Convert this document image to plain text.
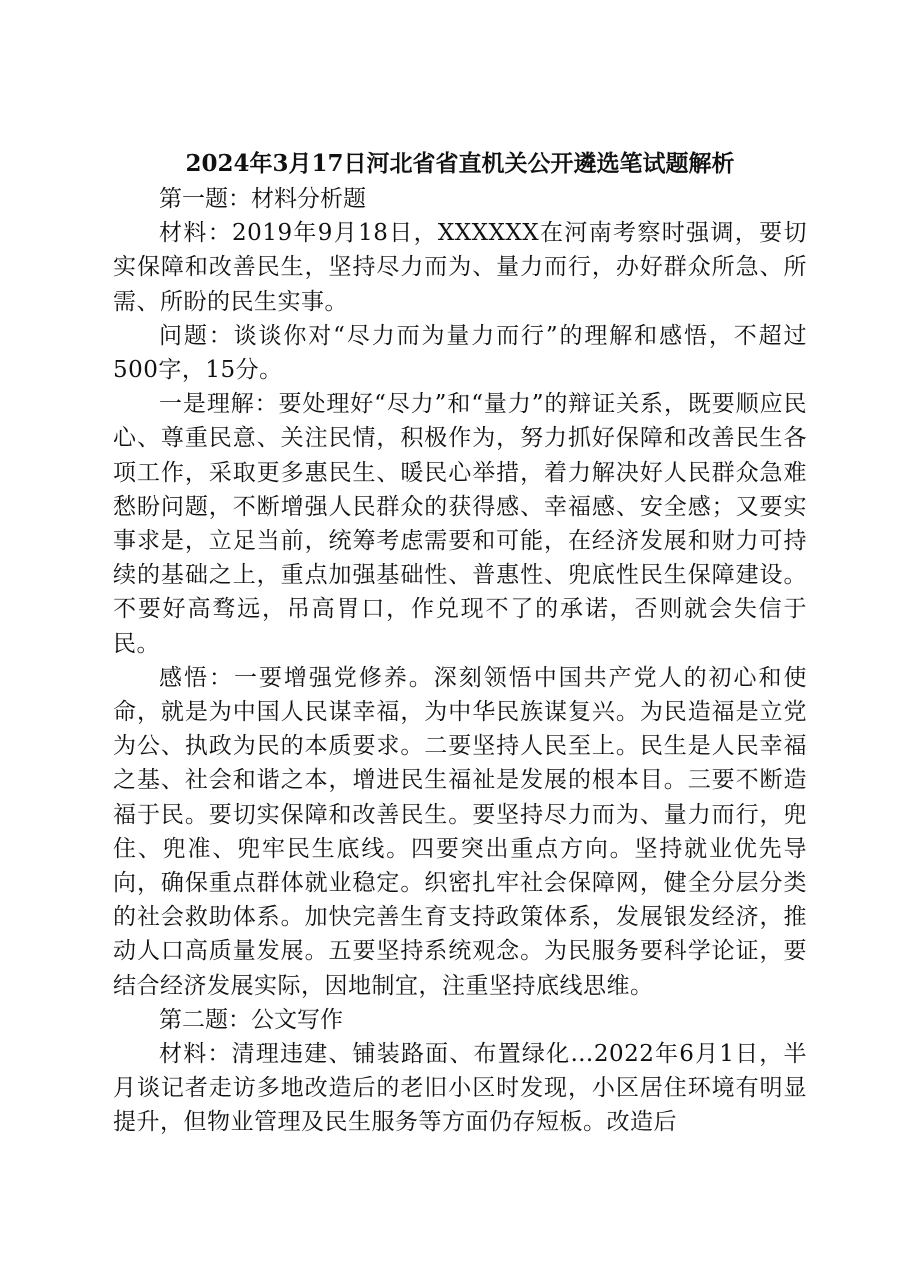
2024年3月17日河北省省直机关公开遴选笔试题解析

第一题：材料分析题

材料：2019年9月18日，XXXXXX在河南考察时强调，要切实保障和改善民生，坚持尽力而为、量力而行，办好群众所急、所需、所盼的民生实事。

问题：谈谈你对“尽力而为量力而行”的理解和感悟，不超过500字，15分。

一是理解：要处理好“尽力”和“量力”的辩证关系，既要顺应民心、尊重民意、关注民情，积极作为，努力抓好保障和改善民生各项工作，采取更多惠民生、暖民心举措，着力解决好人民群众急难愁盼问题，不断增强人民群众的获得感、幸福感、安全感；又要实事求是，立足当前，统筹考虑需要和可能，在经济发展和财力可持续的基础之上，重点加强基础性、普惠性、兜底性民生保障建设。不要好高骛远，吊高胃口，作兑现不了的承诺，否则就会失信于民。

感悟：一要增强党修养。深刻领悟中国共产党人的初心和使命，就是为中国人民谋幸福，为中华民族谋复兴。为民造福是立党为公、执政为民的本质要求。二要坚持人民至上。民生是人民幸福之基、社会和谐之本，增进民生福祉是发展的根本目。三要不断造福于民。要切实保障和改善民生。要坚持尽力而为、量力而行，兜住、兜准、兜牢民生底线。四要突出重点方向。坚持就业优先导向，确保重点群体就业稳定。织密扎牢社会保障网，健全分层分类的社会救助体系。加快完善生育支持政策体系，发展银发经济，推动人口高质量发展。五要坚持系统观念。为民服务要科学论证，要结合经济发展实际，因地制宜，注重坚持底线思维。

第二题：公文写作

材料：清理违建、铺装路面、布置绿化…2022年6月1日，半月谈记者走访多地改造后的老旧小区时发现，小区居住环境有明显提升，但物业管理及民生服务等方面仍存短板。改造后
